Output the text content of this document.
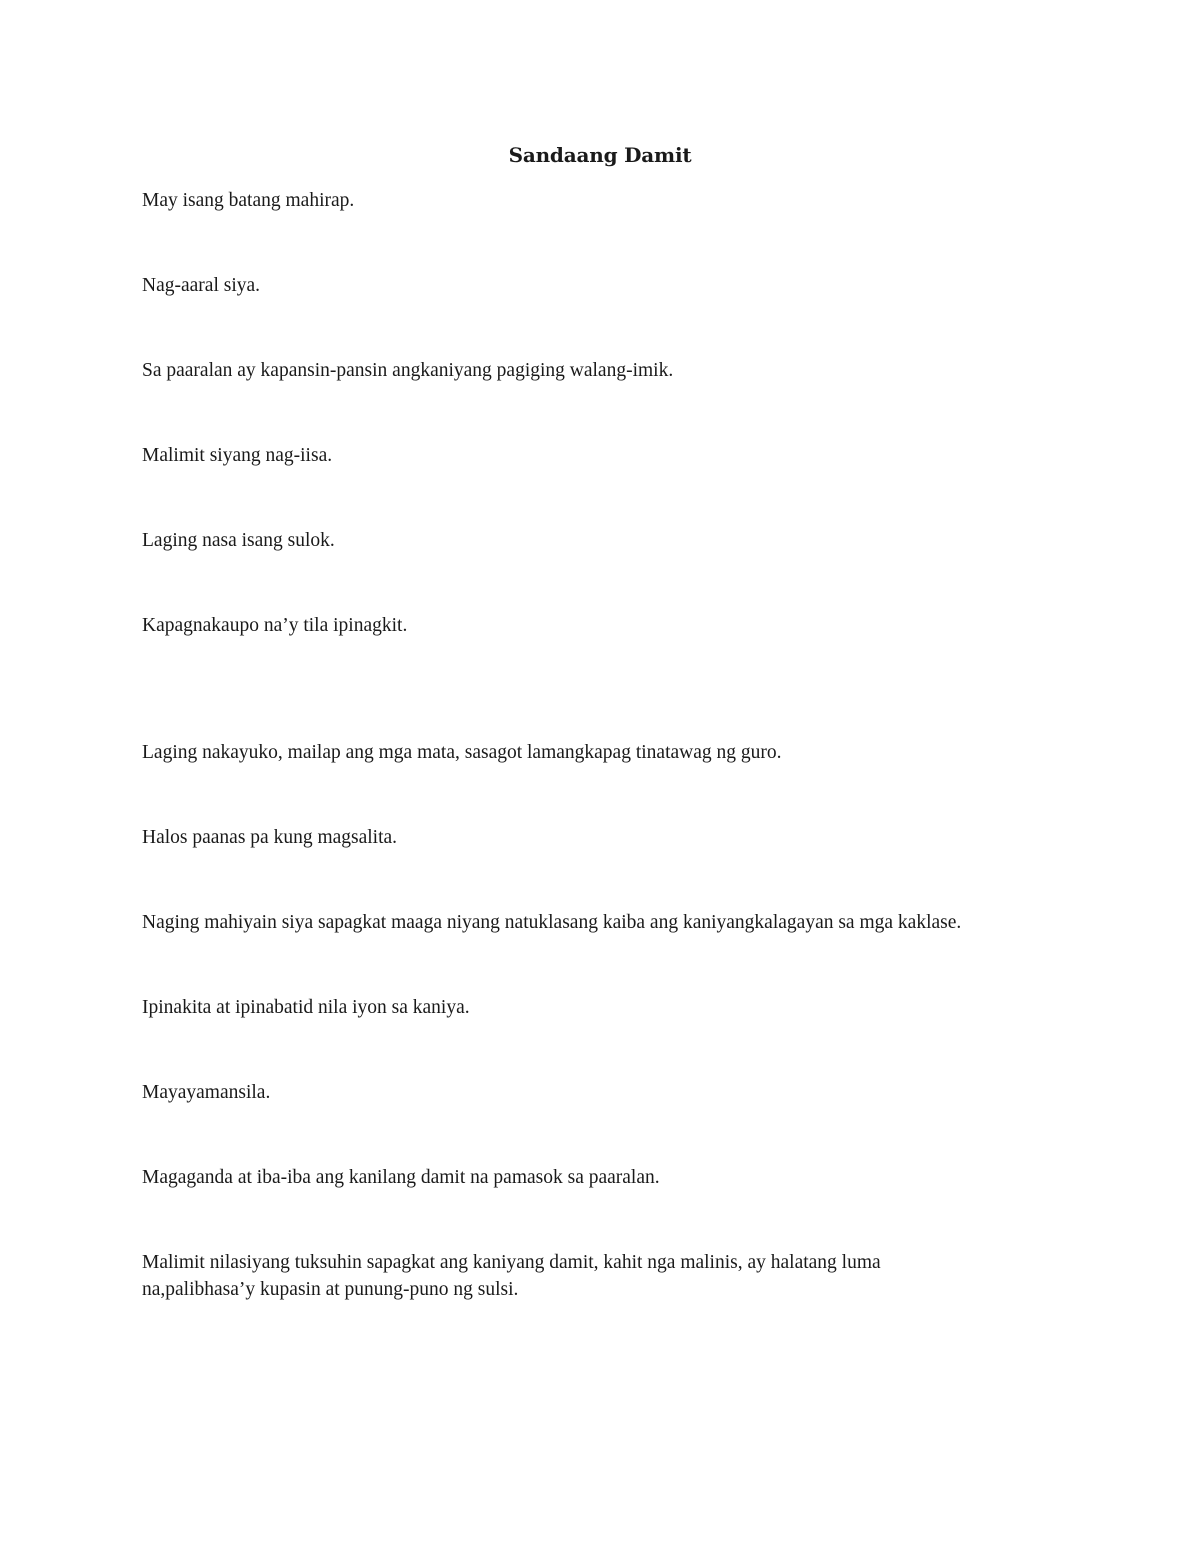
Sandaang Damit

May isang batang mahirap.

Nag-aaral siya.

Sa paaralan ay kapansin-pansin angkaniyang pagiging walang-imik.

Malimit siyang nag-iisa.

Laging nasa isang sulok.

Kapagnakaupo na’y tila ipinagkit.

Laging nakayuko, mailap ang mga mata, sasagot lamangkapag tinatawag ng guro.

Halos paanas pa kung magsalita.

Naging mahiyain siya sapagkat maaga niyang natuklasang kaiba ang kaniyangkalagayan sa mga kaklase.

Ipinakita at ipinabatid nila iyon sa kaniya.

Mayayamansila.

Magaganda at iba-iba ang kanilang damit na pamasok sa paaralan.

Malimit nilasiyang tuksuhin sapagkat ang kaniyang damit, kahit nga malinis, ay halatang luma na,palibhasa’y kupasin at punung-puno ng sulsi.
